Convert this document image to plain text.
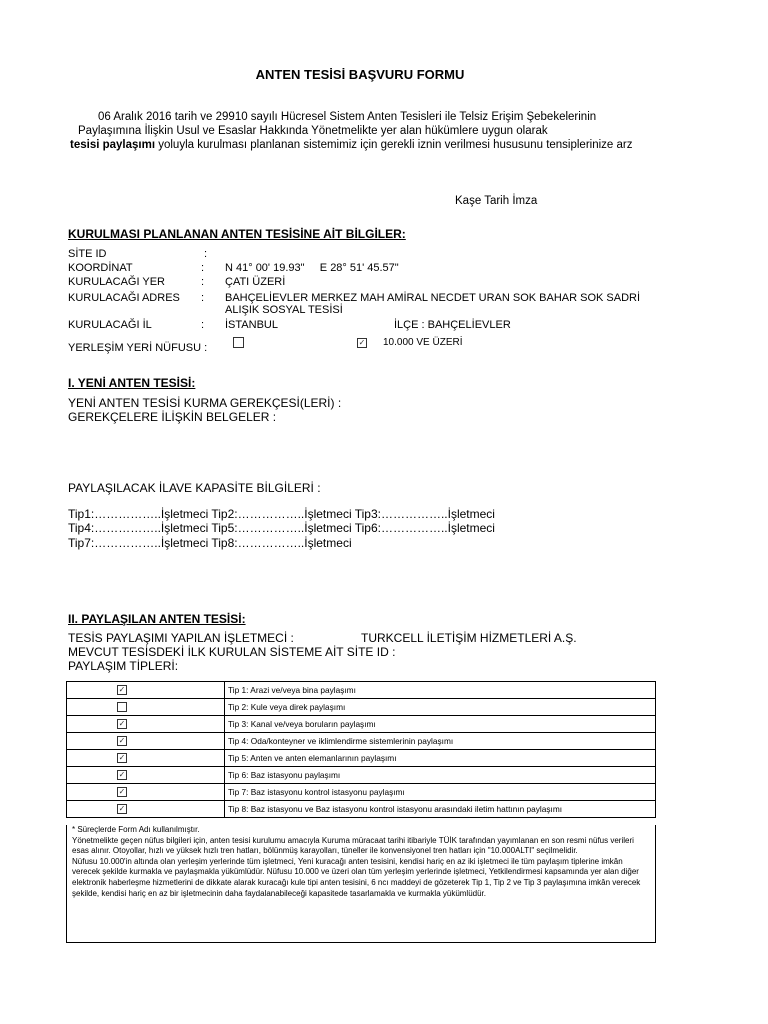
ANTEN TESİSİ BAŞVURU FORMU
06 Aralık 2016 tarih ve 29910 sayılı Hücresel Sistem Anten Tesisleri ile Telsiz Erişim Şebekelerinin
Paylaşımına İlişkin Usul ve Esaslar Hakkında Yönetmelikte yer alan hükümlere uygun olarak
tesisi paylaşımı yoluyla kurulması planlanan sistemimiz için gerekli iznin verilmesi hususunu tensiplerinize arz
Kaşe Tarih İmza
KURULMASI PLANLANAN ANTEN TESİSİNE AİT BİLGİLER:
SİTE ID	:
KOORDİNAT	: N 41° 00' 19.93"     E 28° 51' 45.57"
KURULACAĞI YER	: ÇATI ÜZERİ
KURULACAĞI ADRES : BAHÇELİEVLER MERKEZ MAH AMİRAL NECDET URAN SOK BAHAR SOK SADRİ
ALIŞIK SOSYAL TESİSİ
KURULACAĞI İL	: İSTANBUL	İLÇE : BAHÇELİEVLER
YERLEŞİM YERİ NÜFUSU :	✓ 10.000 VE ÜZERİ
I. YENİ ANTEN TESİSİ:
YENİ ANTEN TESİSİ KURMA GEREKÇESİ(LERİ) :
GEREKÇELERE İLİŞKİN BELGELER :
PAYLAŞILACAK İLAVE KAPASİTE BİLGİLERİ :
Tip1:……………..İşletmeci Tip2:……………..İşletmeci Tip3:……………..İşletmeci
Tip4:……………..İşletmeci Tip5:……………..İşletmeci Tip6:……………..İşletmeci
Tip7:……………..İşletmeci Tip8:……………..İşletmeci
II. PAYLAŞILAN ANTEN TESİSİ:
TESİS PAYLAŞIMI YAPILAN İŞLETMECİ :	TURKCELL İLETİŞİM HİZMETLERİ A.Ş.
MEVCUT TESİSDEKİ İLK KURULAN SİSTEME AİT SİTE ID :
PAYLAŞIM TİPLERİ:
✓	Tip 1: Arazi ve/veya bina paylaşımı

	Tip 2: Kule veya direk paylaşımı

✓	Tip 3: Kanal ve/veya boruların paylaşımı

✓	Tip 4: Oda/konteyner ve iklimlendirme sistemlerinin paylaşımı

✓	Tip 5: Anten ve anten elemanlarının paylaşımı

✓	Tip 6: Baz istasyonu paylaşımı

✓	Tip 7: Baz istasyonu kontrol istasyonu paylaşımı

✓	Tip 8: Baz istasyonu ve Baz istasyonu kontrol istasyonu arasındaki iletim hattının paylaşımı

* Süreçlerde Form Adı kullanılmıştır.

Yönetmelikte geçen nüfus bilgileri için, anten tesisi kurulumu amacıyla Kuruma müracaat tarihi itibariyle TÜİK tarafından yayımlanan en son resmi nüfus verileri esas alınır. Otoyollar, hızlı ve yüksek hızlı tren hatları, bölünmüş karayolları, tüneller ile konvensiyonel tren hatları için "10.000ALTI" seçilmelidir.

Nüfusu 10.000'in altında olan yerleşim yerlerinde tüm işletmeci, Yeni kuracağı anten tesisini, kendisi hariç en az iki işletmeci ile tüm paylaşım tiplerine imkân verecek şekilde kurmakla ve paylaşmakla yükümlüdür. Nüfusu 10.000 ve üzeri olan tüm yerleşim yerlerinde işletmeci, Yetkilendirmesi kapsamında yer alan diğer elektronik haberleşme hizmetlerini de dikkate alarak kuracağı kule tipi anten tesisini, 6 ncı maddeyi de gözeterek Tip 1, Tip 2 ve Tip 3 paylaşımına imkân verecek şekilde, kendisi hariç en az bir işletmecinin daha faydalanabileceği kapasitede tasarlamakla ve kurmakla yükümlüdür.
